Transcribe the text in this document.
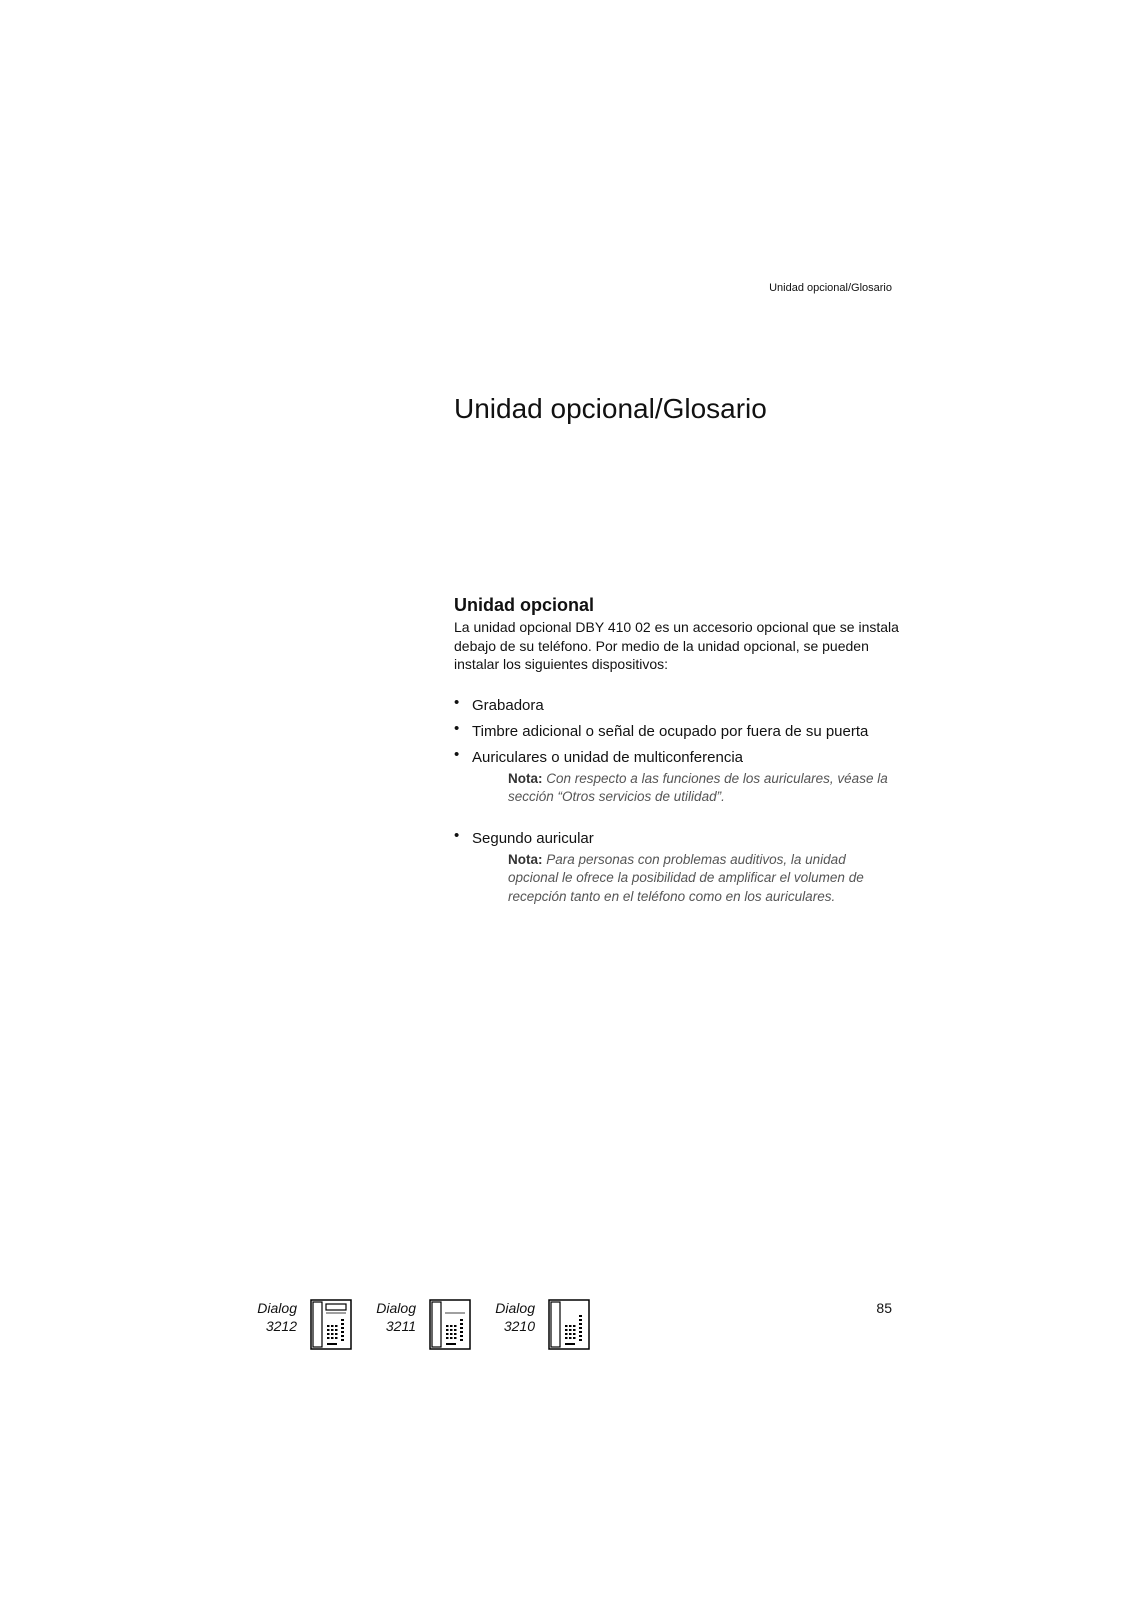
Unidad opcional/Glosario
Unidad opcional/Glosario
Unidad opcional

La unidad opcional DBY 410 02 es un accesorio opcional que se instala debajo de su teléfono. Por medio de la unidad opcional, se pueden instalar los siguientes dispositivos:

• Grabadora
• Timbre adicional o señal de ocupado por fuera de su puerta
• Auriculares o unidad de multiconferencia
Nota: Con respecto a las funciones de los auriculares, véase la sección “Otros servicios de utilidad”.
• Segundo auricular
Nota: Para personas con problemas auditivos, la unidad opcional le ofrece la posibilidad de amplificar el volumen de recepción tanto en el teléfono como en los auriculares.
Dialog
3212
Dialog
3211
Dialog
3210
85
